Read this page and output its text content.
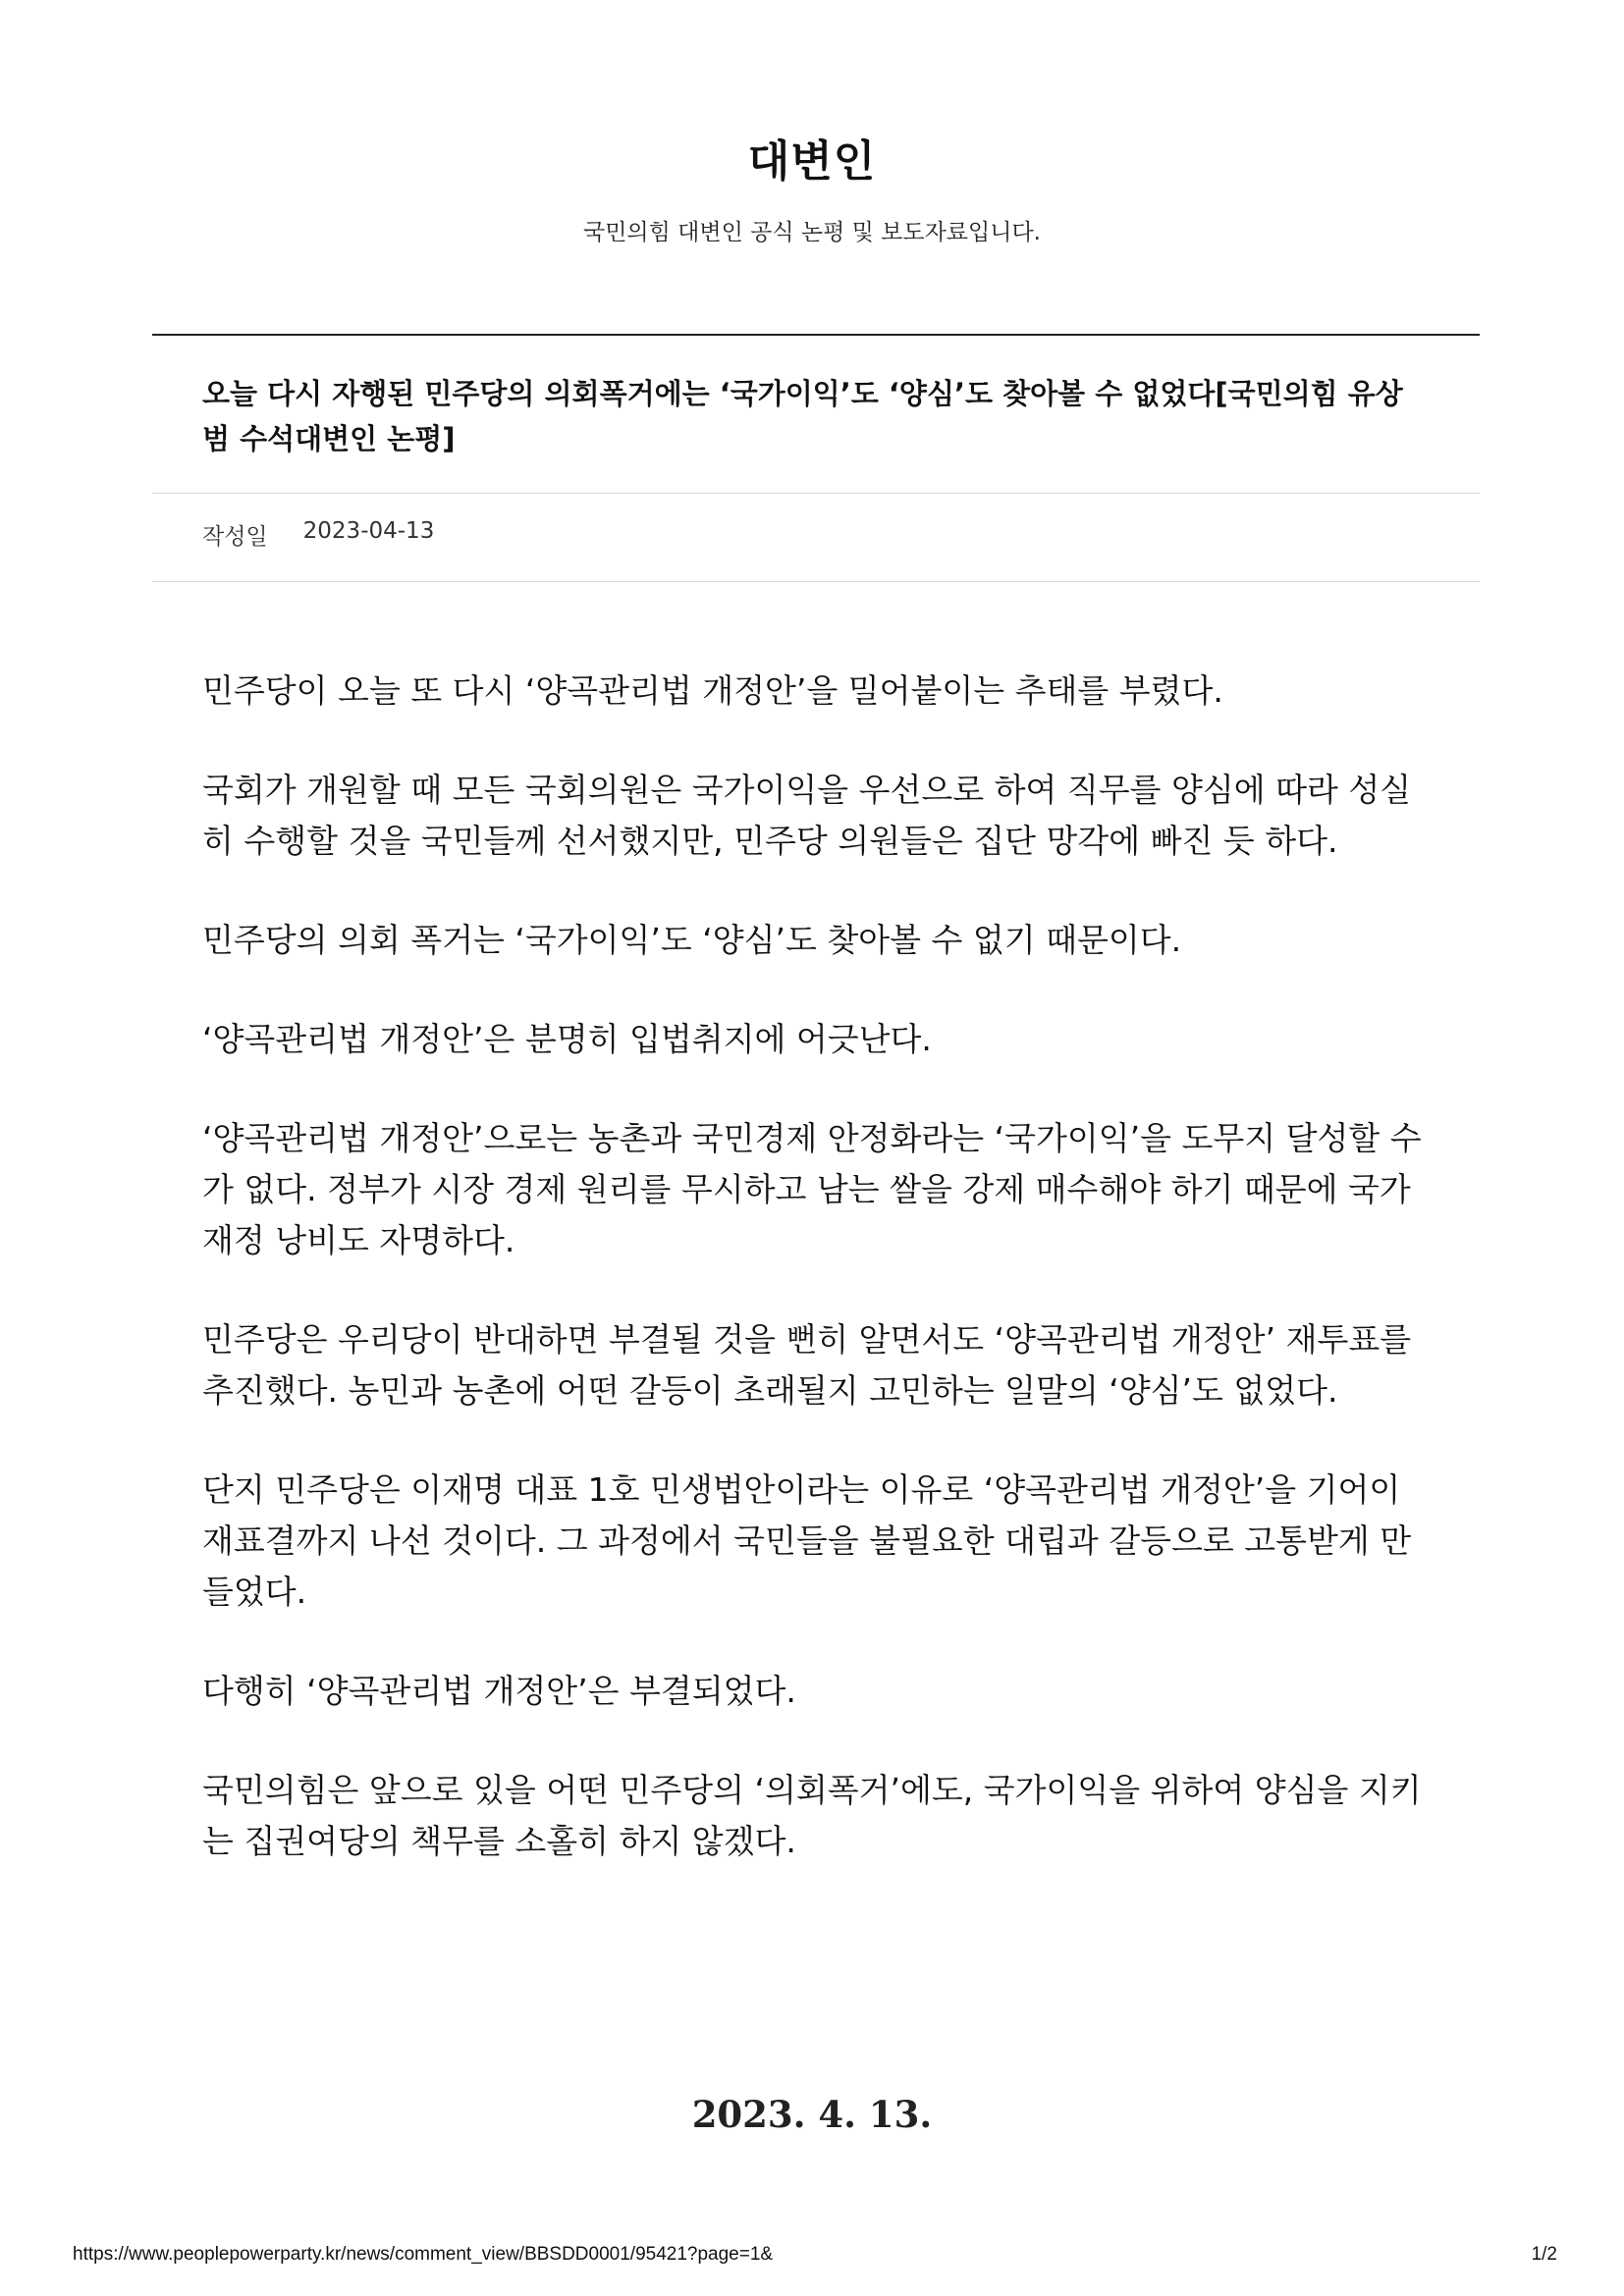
대변인
국민의힘 대변인 공식 논평 및 보도자료입니다.
오늘 다시 자행된 민주당의 의회폭거에는 ‘국가이익’도 ‘양심’도 찾아볼 수 없었다[국민의힘 유상범 수석대변인 논평]
작성일 2023-04-13

민주당이 오늘 또 다시 ‘양곡관리법 개정안’을 밀어붙이는 추태를 부렸다.

국회가 개원할 때 모든 국회의원은 국가이익을 우선으로 하여 직무를 양심에 따라 성실히 수행할 것을 국민들께 선서했지만, 민주당 의원들은 집단 망각에 빠진 듯 하다.

민주당의 의회 폭거는 ‘국가이익’도 ‘양심’도 찾아볼 수 없기 때문이다.

‘양곡관리법 개정안’은 분명히 입법취지에 어긋난다.

‘양곡관리법 개정안’으로는 농촌과 국민경제 안정화라는 ‘국가이익’을 도무지 달성할 수가 없다. 정부가 시장 경제 원리를 무시하고 남는 쌀을 강제 매수해야 하기 때문에 국가 재정 낭비도 자명하다.

민주당은 우리당이 반대하면 부결될 것을 뻔히 알면서도 ‘양곡관리법 개정안’ 재투표를 추진했다. 농민과 농촌에 어떤 갈등이 초래될지 고민하는 일말의 ‘양심’도 없었다.

단지 민주당은 이재명 대표 1호 민생법안이라는 이유로 ‘양곡관리법 개정안’을 기어이 재표결까지 나선 것이다. 그 과정에서 국민들을 불필요한 대립과 갈등으로 고통받게 만들었다.

다행히 ‘양곡관리법 개정안’은 부결되었다.

국민의힘은 앞으로 있을 어떤 민주당의 ‘의회폭거’에도, 국가이익을 위하여 양심을 지키는 집권여당의 책무를 소홀히 하지 않겠다.

2023. 4. 13.
https://www.peoplepowerparty.kr/news/comment_view/BBSDD0001/95421?page=1&	1/2
